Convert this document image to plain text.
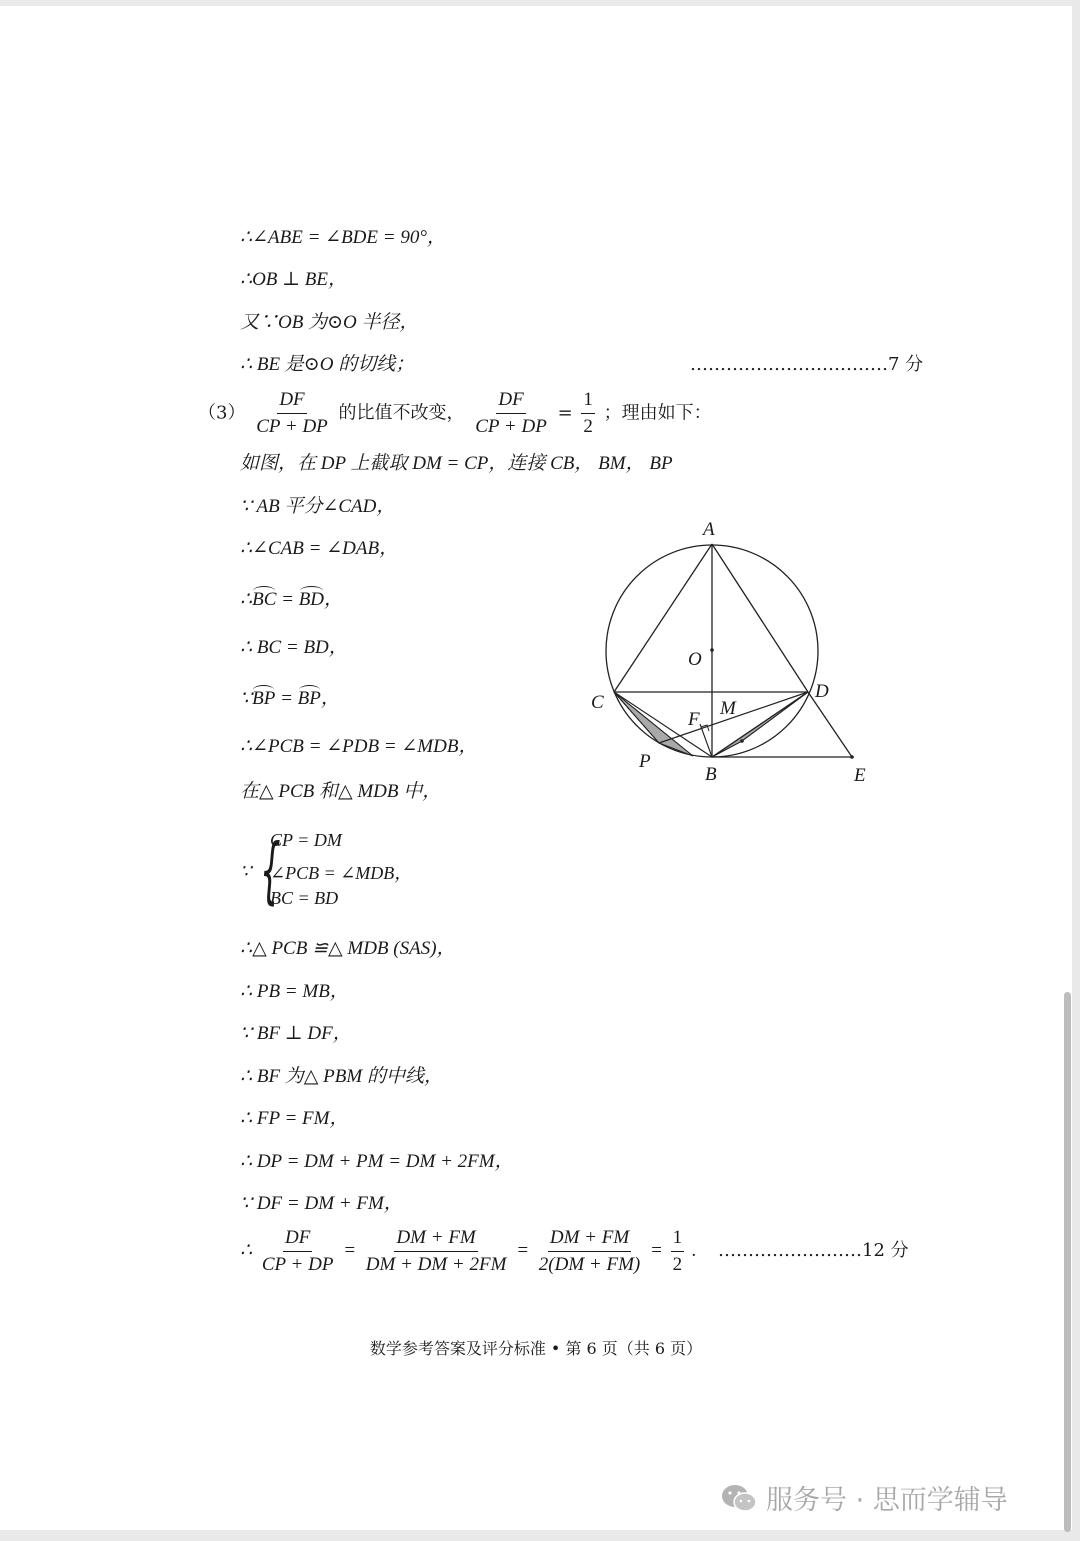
∴∠ABE = ∠BDE = 90°，
∴OB ⊥ BE，
又∵OB 为⊙O 半径，
∴ BE 是⊙O 的切线；	……………………………7 分
$(3) \frac{DF}{CP + DP}$ 的比值不改变， $\frac{DF}{CP + DP} = \frac{1}{2}$ ；理由如下：
如图，在 DP 上截取 DM = CP，连接 CB， BM， BP
∵ AB 平分∠CAD，
∴∠CAB = ∠DAB，
∴BC = BD，
∴ BC = BD，
∵BP = BP，
∴∠PCB = ∠PDB = ∠MDB，
在△ PCB 和△ MDB 中，
∵ {
CP = DM
∠PCB = ∠MDB，
BC = BD
∴△ PCB ≌△ MDB (SAS)，
∴ PB = MB，
∵ BF ⊥ DF，
∴ BF 为△ PBM 的中线，
∴ FP = FM，
∴ DP = DM + PM = DM + 2FM，
∵ DF = DM + FM，
∴ $\frac{DF}{CP + DP} = \frac{DM + FM}{DM + DM + 2FM} = \frac{DM + FM}{2(DM + FM)} = \frac{1}{2}$ . ……………………12 分
A
O
C
D
F
M
P
B	E
数学参考答案及评分标准 • 第 6 页（共 6 页）
服务号 · 思而学辅导
